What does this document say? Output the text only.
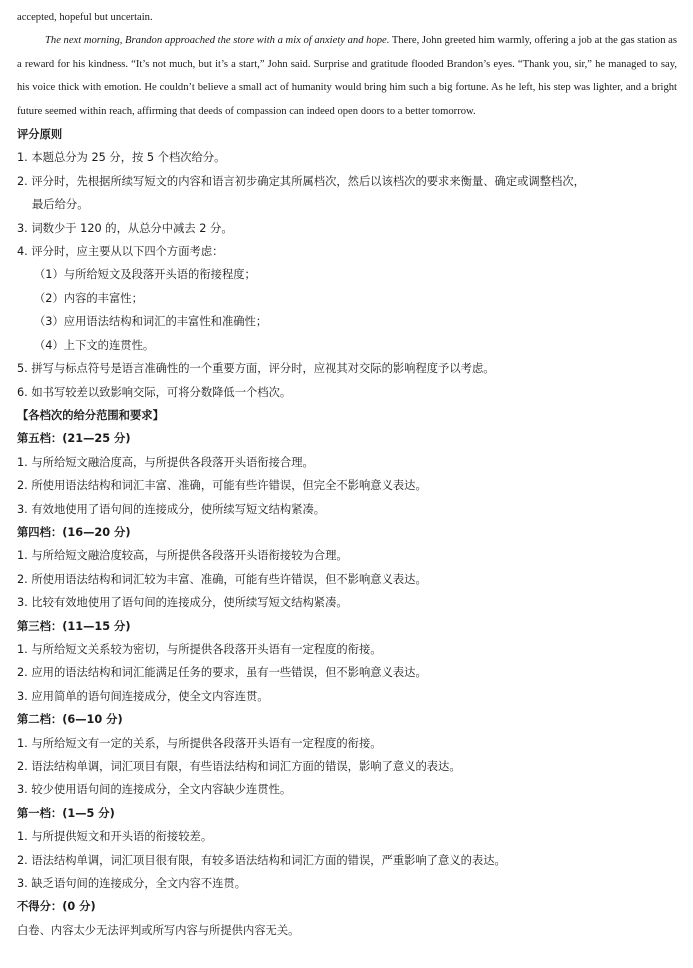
accepted, hopeful but uncertain.

The next morning, Brandon approached the store with a mix of anxiety and hope. There, John greeted him warmly, offering a job at the gas station as a reward for his kindness. “It’s not much, but it’s a start,” John said. Surprise and gratitude flooded Brandon’s eyes. “Thank you, sir,” he managed to say, his voice thick with emotion. He couldn’t believe a small act of humanity would bring him such a big fortune. As he left, his step was lighter, and a bright future seemed within reach, affirming that deeds of compassion can indeed open doors to a better tomorrow.

评分原则

1. 本题总分为 25 分，按 5 个档次给分。

2. 评分时，先根据所续写短文的内容和语言初步确定其所属档次，然后以该档次的要求来衡量、确定或调整档次，

最后给分。

3. 词数少于 120 的，从总分中减去 2 分。

4. 评分时，应主要从以下四个方面考虑：

（1）与所给短文及段落开头语的衔接程度；

（2）内容的丰富性；

（3）应用语法结构和词汇的丰富性和准确性；

（4）上下文的连贯性。

5. 拼写与标点符号是语言准确性的一个重要方面，评分时，应视其对交际的影响程度予以考虑。

6. 如书写较差以致影响交际，可将分数降低一个档次。

【各档次的给分范围和要求】

第五档：(21—25 分)

1. 与所给短文融洽度高，与所提供各段落开头语衔接合理。

2. 所使用语法结构和词汇丰富、准确，可能有些许错误，但完全不影响意义表达。

3. 有效地使用了语句间的连接成分，使所续写短文结构紧凑。

第四档：(16—20 分)

1. 与所给短文融洽度较高，与所提供各段落开头语衔接较为合理。

2. 所使用语法结构和词汇较为丰富、准确，可能有些许错误，但不影响意义表达。

3. 比较有效地使用了语句间的连接成分，使所续写短文结构紧凑。

第三档：(11—15 分)

1. 与所给短文关系较为密切，与所提供各段落开头语有一定程度的衔接。

2. 应用的语法结构和词汇能满足任务的要求，虽有一些错误，但不影响意义表达。

3. 应用简单的语句间连接成分，使全文内容连贯。

第二档：(6—10 分)

1. 与所给短文有一定的关系，与所提供各段落开头语有一定程度的衔接。

2. 语法结构单调，词汇项目有限，有些语法结构和词汇方面的错误，影响了意义的表达。

3. 较少使用语句间的连接成分，全文内容缺少连贯性。

第一档：(1—5 分)

1. 与所提供短文和开头语的衔接较差。

2. 语法结构单调，词汇项目很有限，有较多语法结构和词汇方面的错误，严重影响了意义的表达。

3. 缺乏语句间的连接成分，全文内容不连贯。

不得分：(0 分)

白卷、内容太少无法评判或所写内容与所提供内容无关。
